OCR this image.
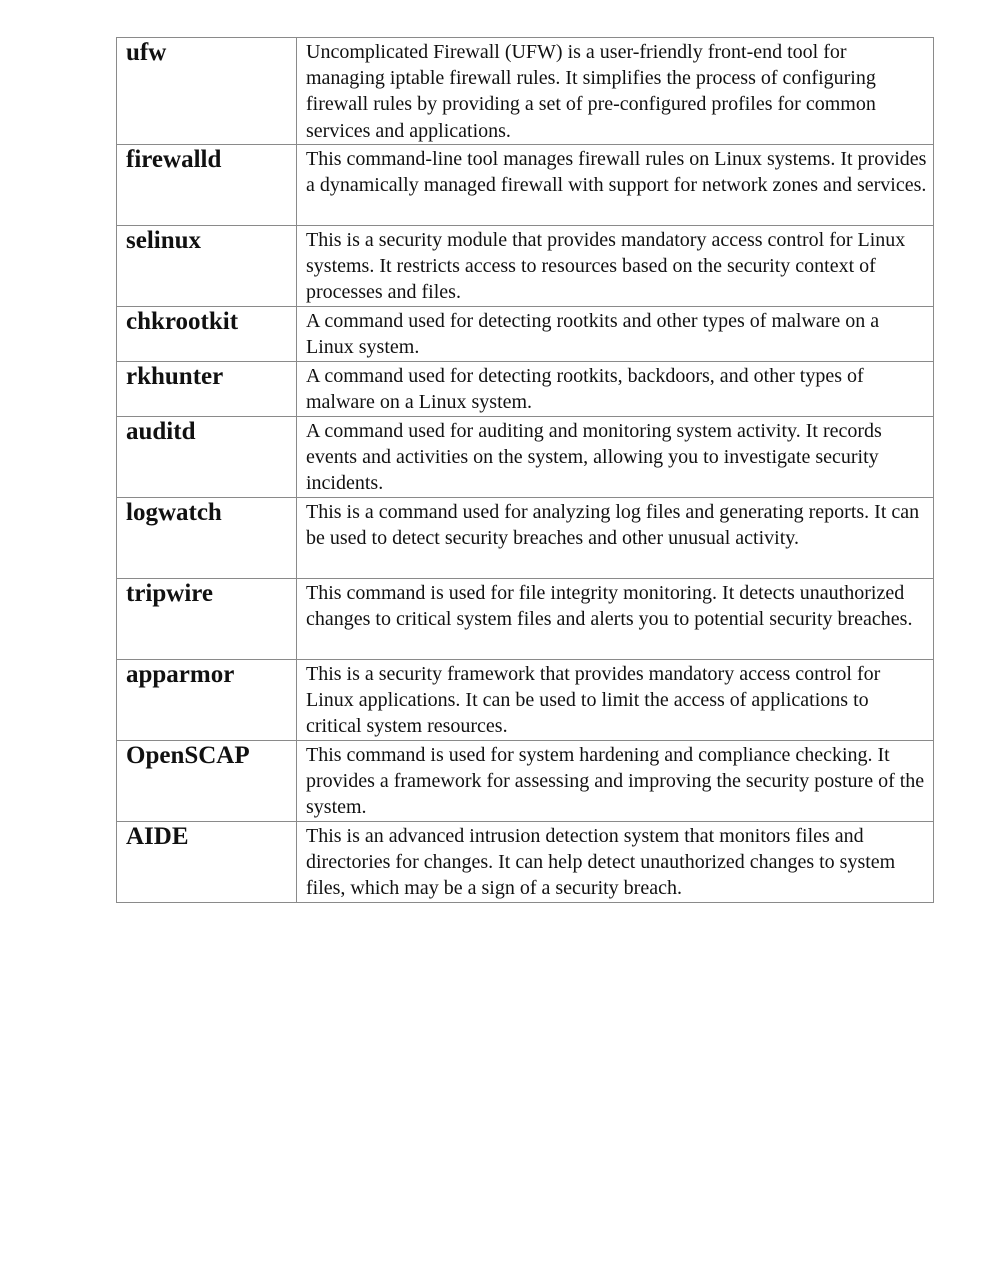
ufw	Uncomplicated Firewall (UFW) is a user-friendly front-end tool for managing iptable firewall rules. It simplifies the process of configuring firewall rules by providing a set of pre-configured profiles for common services and applications.
firewalld	This command-line tool manages firewall rules on Linux systems. It provides a dynamically managed firewall with support for network zones and services.
selinux	This is a security module that provides mandatory access control for Linux systems. It restricts access to resources based on the security context of processes and files.
chkrootkit	A command used for detecting rootkits and other types of malware on a Linux system.
rkhunter	A command used for detecting rootkits, backdoors, and other types of malware on a Linux system.
auditd	A command used for auditing and monitoring system activity. It records events and activities on the system, allowing you to investigate security incidents.
logwatch	This is a command used for analyzing log files and generating reports. It can be used to detect security breaches and other unusual activity.
tripwire	This command is used for file integrity monitoring. It detects unauthorized changes to critical system files and alerts you to potential security breaches.
apparmor	This is a security framework that provides mandatory access control for Linux applications. It can be used to limit the access of applications to critical system resources.
OpenSCAP	This command is used for system hardening and compliance checking. It provides a framework for assessing and improving the security posture of the system.
AIDE	This is an advanced intrusion detection system that monitors files and directories for changes. It can help detect unauthorized changes to system files, which may be a sign of a security breach.
